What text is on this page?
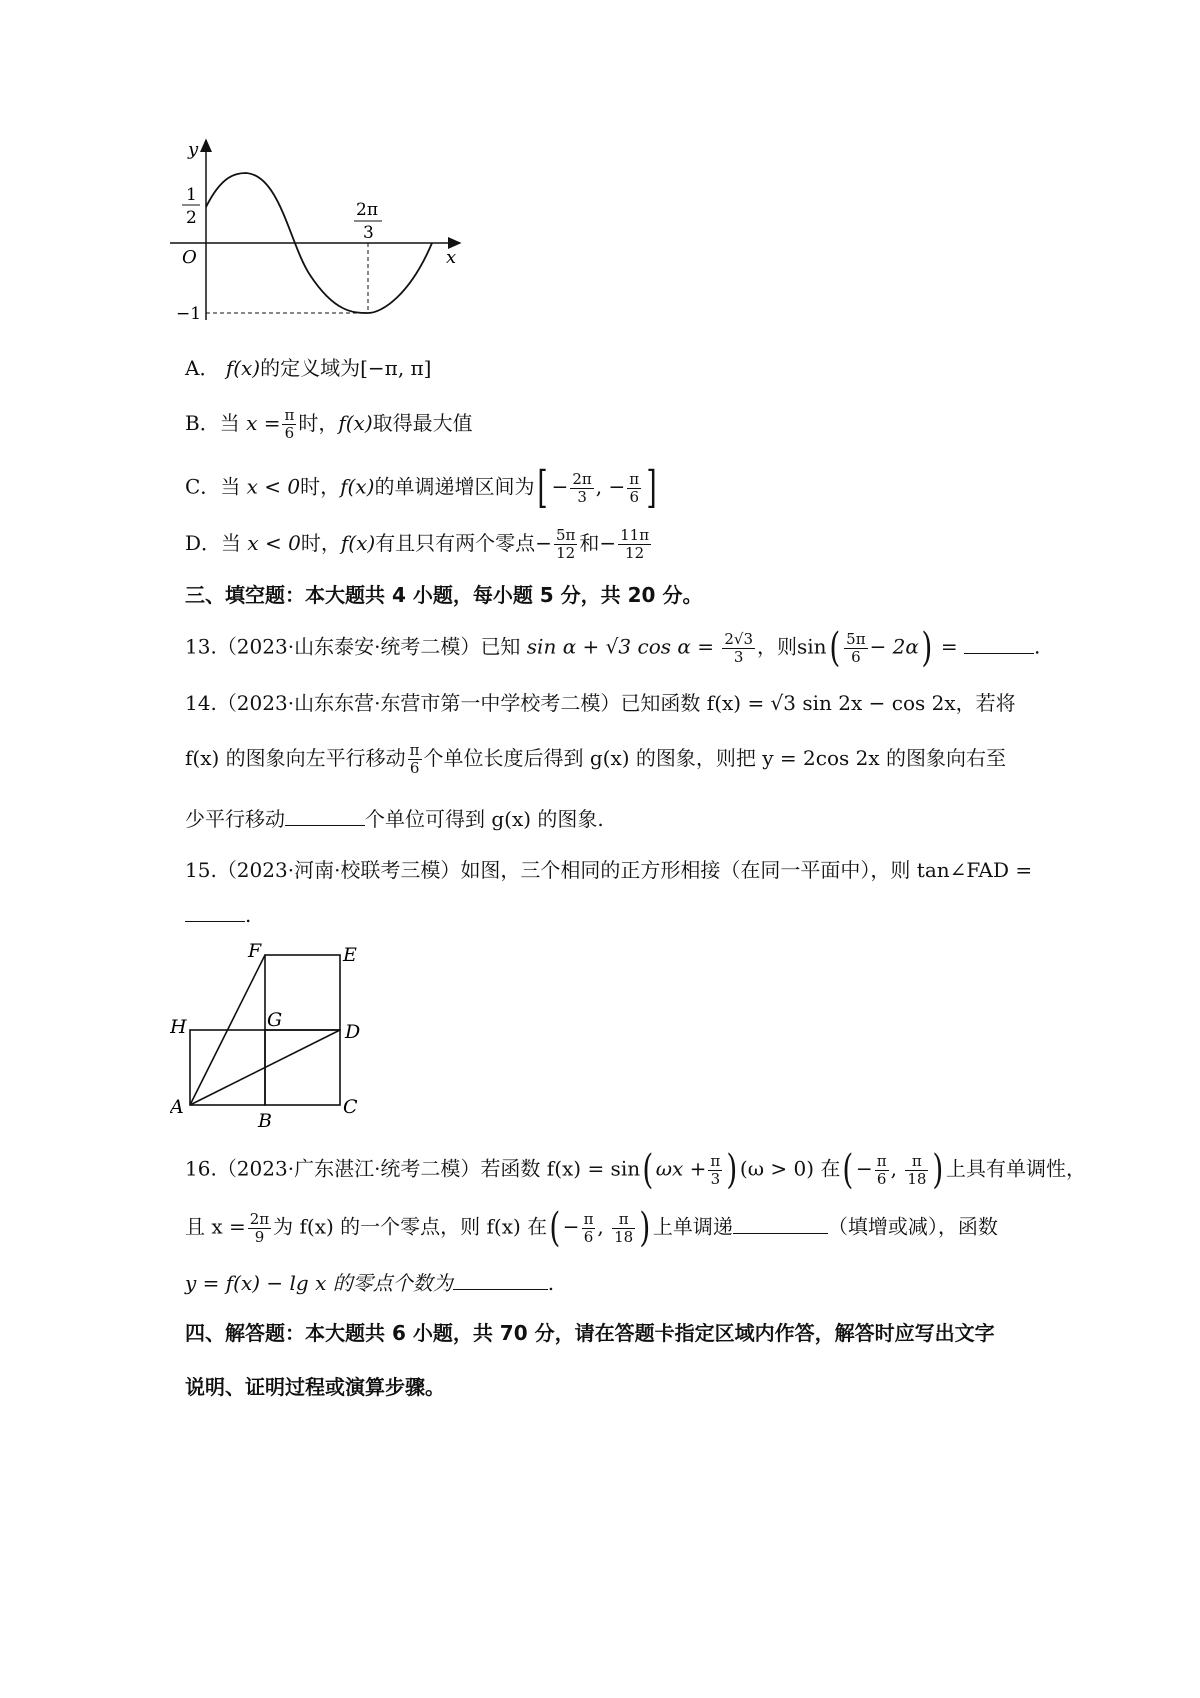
y
x
O
1
2
−1
2π
3
A． f(x)的定义域为[−π, π]
B．当 $x = \frac{\pi}{6}$ 时，f(x)取得最大值
C．当 x < 0时，f(x)的单调递增区间为[ − $\frac{2\pi}{3}$ , − $\frac{\pi}{6}$ ]
D．当 x < 0时，f(x)有且只有两个零点− $\frac{5\pi}{12}$ 和− $\frac{11\pi}{12}$
三、填空题：本大题共 4 小题，每小题 5 分，共 20 分。
13.（2023·山东泰安·统考二模）已知 sin α + √3 $\cos \alpha = \frac{2√3}{3}$ ，则$\sin( \frac{5\pi}{6} - 2\alpha)$ =	.
14.（2023·山东东营·东营市第一中学校考二模）已知函数 f(x) = √3 sin 2x − cos 2x，若将
f(x) 的图象向左平行移动 $\frac{\pi}{6}$ 个单位长度后得到 g(x) 的图象，则把 y = 2cos 2x 的图象向右至
少平行移动	个单位可得到 g(x) 的图象.
15.（2023·河南·校联考三模）如图，三个相同的正方形相接（在同一平面中），则 tan∠FAD =
.
F	E
H	G
D
A
B
C
16.（2023·广东湛江·统考二模）若函数 f(x) = sin( $\omega x + \frac{\pi}{3}$ ) (ω > 0) 在( − $\frac{\pi}{6}$ , $\frac{\pi}{18}$ ) 上具有单调性，
且 $x = \frac{2\pi}{9}$ 为 f(x) 的一个零点，则 f(x) 在( − $\frac{\pi}{6}$ , $\frac{\pi}{18}$ ) 上单调递	（填增或减），函数
y = f(x) − lg x 的零点个数为	.
四、解答题：本大题共 6 小题，共 70 分，请在答题卡指定区域内作答，解答时应写出文字
说明、证明过程或演算步骤。
